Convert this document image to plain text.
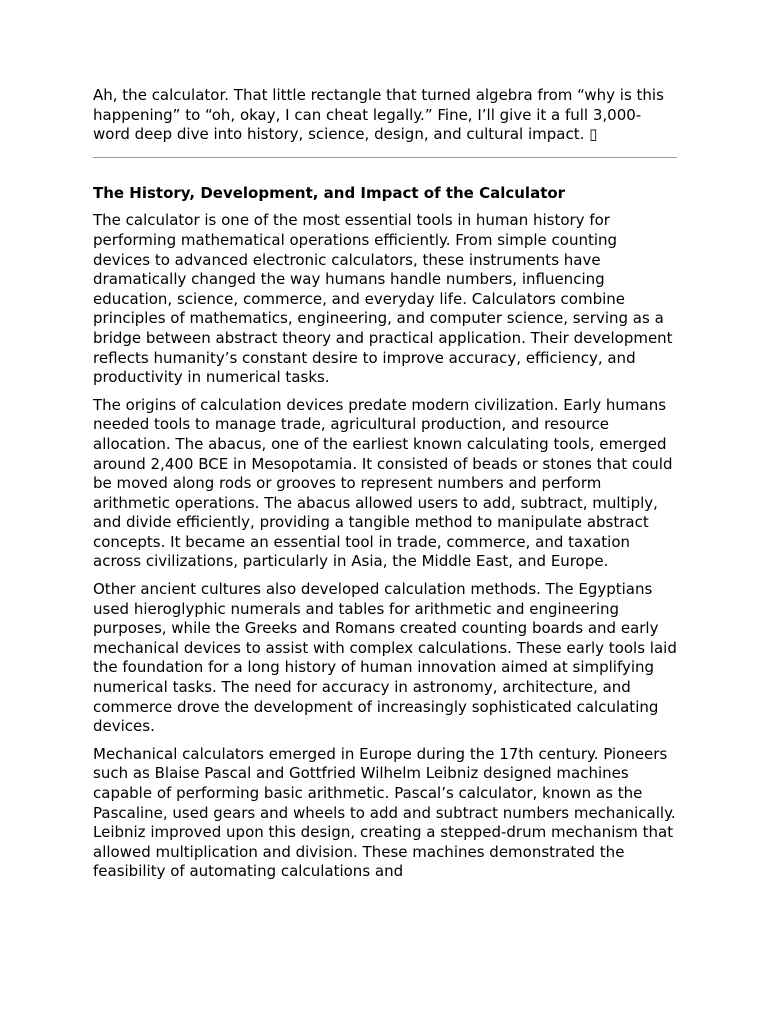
Ah, the calculator. That little rectangle that turned algebra from “why is this happening” to “oh, okay, I can cheat legally.” Fine, I’ll give it a full 3,000-word deep dive into history, science, design, and cultural impact. ▯

The History, Development, and Impact of the Calculator

The calculator is one of the most essential tools in human history for performing mathematical operations efficiently. From simple counting devices to advanced electronic calculators, these instruments have dramatically changed the way humans handle numbers, influencing education, science, commerce, and everyday life. Calculators combine principles of mathematics, engineering, and computer science, serving as a bridge between abstract theory and practical application. Their development reflects humanity’s constant desire to improve accuracy, efficiency, and productivity in numerical tasks.

The origins of calculation devices predate modern civilization. Early humans needed tools to manage trade, agricultural production, and resource allocation. The abacus, one of the earliest known calculating tools, emerged around 2,400 BCE in Mesopotamia. It consisted of beads or stones that could be moved along rods or grooves to represent numbers and perform arithmetic operations. The abacus allowed users to add, subtract, multiply, and divide efficiently, providing a tangible method to manipulate abstract concepts. It became an essential tool in trade, commerce, and taxation across civilizations, particularly in Asia, the Middle East, and Europe.

Other ancient cultures also developed calculation methods. The Egyptians used hieroglyphic numerals and tables for arithmetic and engineering purposes, while the Greeks and Romans created counting boards and early mechanical devices to assist with complex calculations. These early tools laid the foundation for a long history of human innovation aimed at simplifying numerical tasks. The need for accuracy in astronomy, architecture, and commerce drove the development of increasingly sophisticated calculating devices.

Mechanical calculators emerged in Europe during the 17th century. Pioneers such as Blaise Pascal and Gottfried Wilhelm Leibniz designed machines capable of performing basic arithmetic. Pascal’s calculator, known as the Pascaline, used gears and wheels to add and subtract numbers mechanically. Leibniz improved upon this design, creating a stepped-drum mechanism that allowed multiplication and division. These machines demonstrated the feasibility of automating calculations and
